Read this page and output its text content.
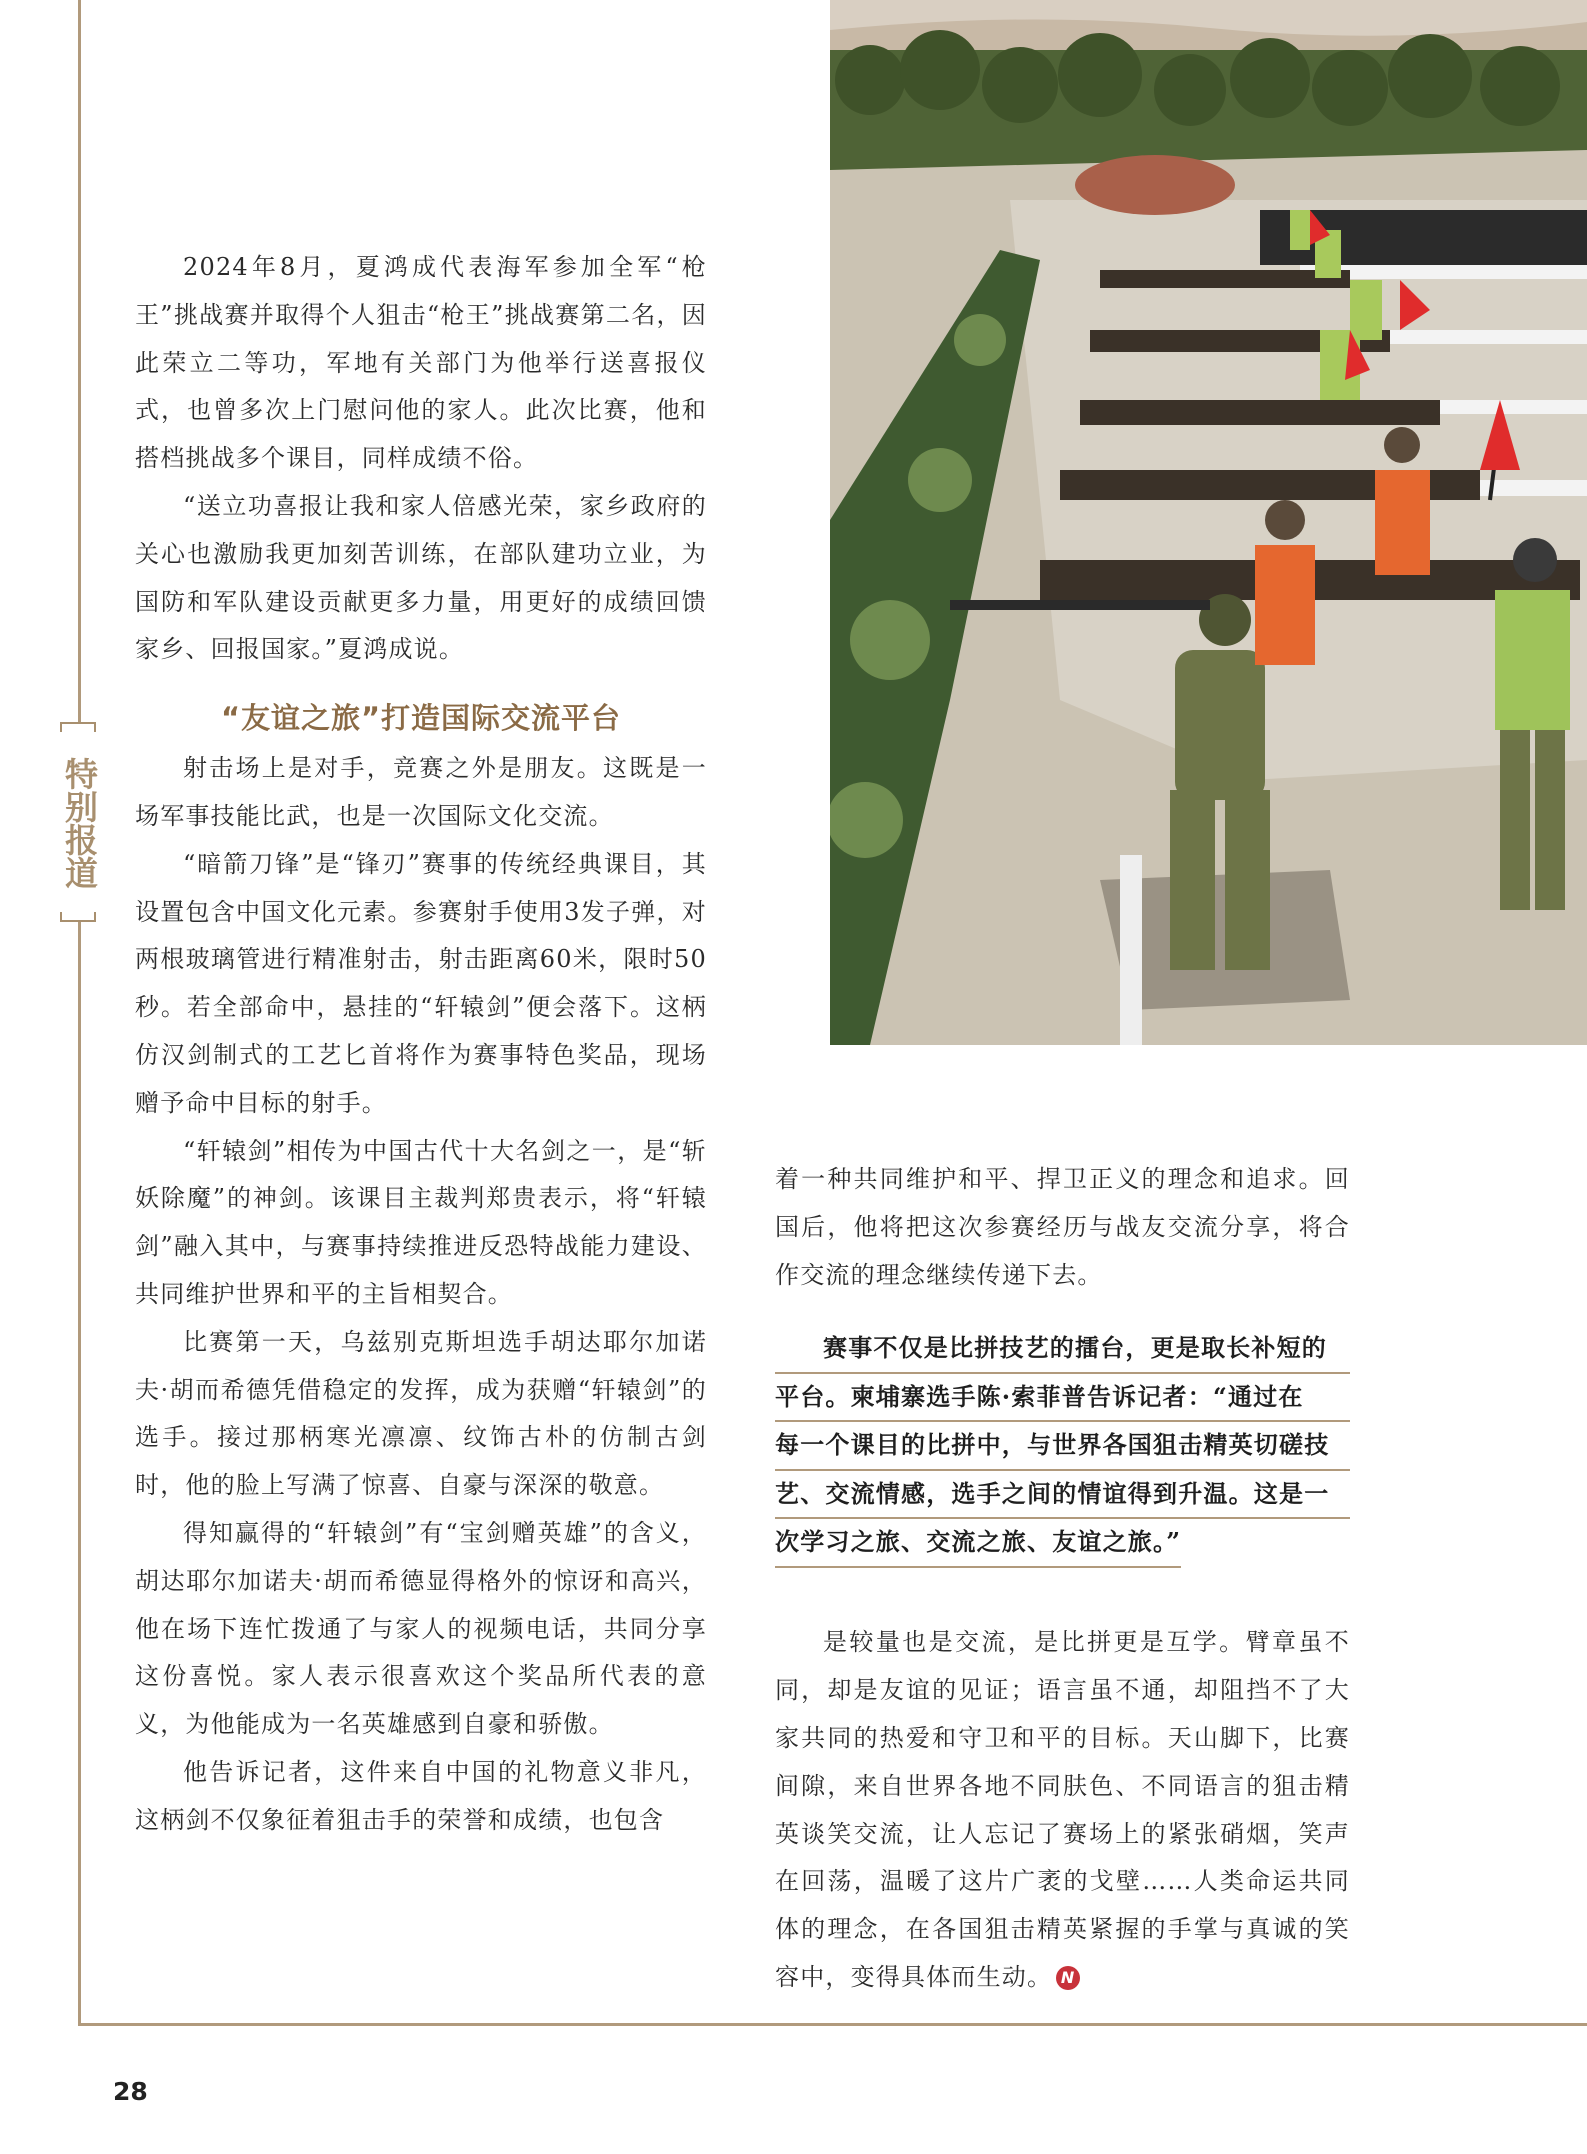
特别报道

2024年8月，夏鸿成代表海军参加全军“枪王”挑战赛并取得个人狙击“枪王”挑战赛第二名，因此荣立二等功，军地有关部门为他举行送喜报仪式，也曾多次上门慰问他的家人。此次比赛，他和搭档挑战多个课目，同样成绩不俗。

“送立功喜报让我和家人倍感光荣，家乡政府的关心也激励我更加刻苦训练，在部队建功立业，为国防和军队建设贡献更多力量，用更好的成绩回馈家乡、回报国家。”夏鸿成说。

“友谊之旅”打造国际交流平台

射击场上是对手，竞赛之外是朋友。这既是一场军事技能比武，也是一次国际文化交流。

“暗箭刀锋”是“锋刃”赛事的传统经典课目，其设置包含中国文化元素。参赛射手使用3发子弹，对两根玻璃管进行精准射击，射击距离60米，限时50秒。若全部命中，悬挂的“轩辕剑”便会落下。这柄仿汉剑制式的工艺匕首将作为赛事特色奖品，现场赠予命中目标的射手。

“轩辕剑”相传为中国古代十大名剑之一，是“斩妖除魔”的神剑。该课目主裁判郑贵表示，将“轩辕剑”融入其中，与赛事持续推进反恐特战能力建设、共同维护世界和平的主旨相契合。

比赛第一天，乌兹别克斯坦选手胡达耶尔加诺夫·胡而希德凭借稳定的发挥，成为获赠“轩辕剑”的选手。接过那柄寒光凛凛、纹饰古朴的仿制古剑时，他的脸上写满了惊喜、自豪与深深的敬意。

得知赢得的“轩辕剑”有“宝剑赠英雄”的含义，胡达耶尔加诺夫·胡而希德显得格外的惊讶和高兴，他在场下连忙拨通了与家人的视频电话，共同分享这份喜悦。家人表示很喜欢这个奖品所代表的意义，为他能成为一名英雄感到自豪和骄傲。

他告诉记者，这件来自中国的礼物意义非凡，这柄剑不仅象征着狙击手的荣誉和成绩，也包含

着一种共同维护和平、捍卫正义的理念和追求。回国后，他将把这次参赛经历与战友交流分享，将合作交流的理念继续传递下去。

赛事不仅是比拼技艺的擂台，更是取长补短的
平台。柬埔寨选手陈·索菲普告诉记者：“通过在
每一个课目的比拼中，与世界各国狙击精英切磋技
艺、交流情感，选手之间的情谊得到升温。这是一
次学习之旅、交流之旅、友谊之旅。”

是较量也是交流，是比拼更是互学。臂章虽不同，却是友谊的见证；语言虽不通，却阻挡不了大家共同的热爱和守卫和平的目标。天山脚下，比赛间隙，来自世界各地不同肤色、不同语言的狙击精英谈笑交流，让人忘记了赛场上的紧张硝烟，笑声在回荡，温暖了这片广袤的戈壁……人类命运共同体的理念，在各国狙击精英紧握的手掌与真诚的笑容中，变得具体而生动。 N

28
